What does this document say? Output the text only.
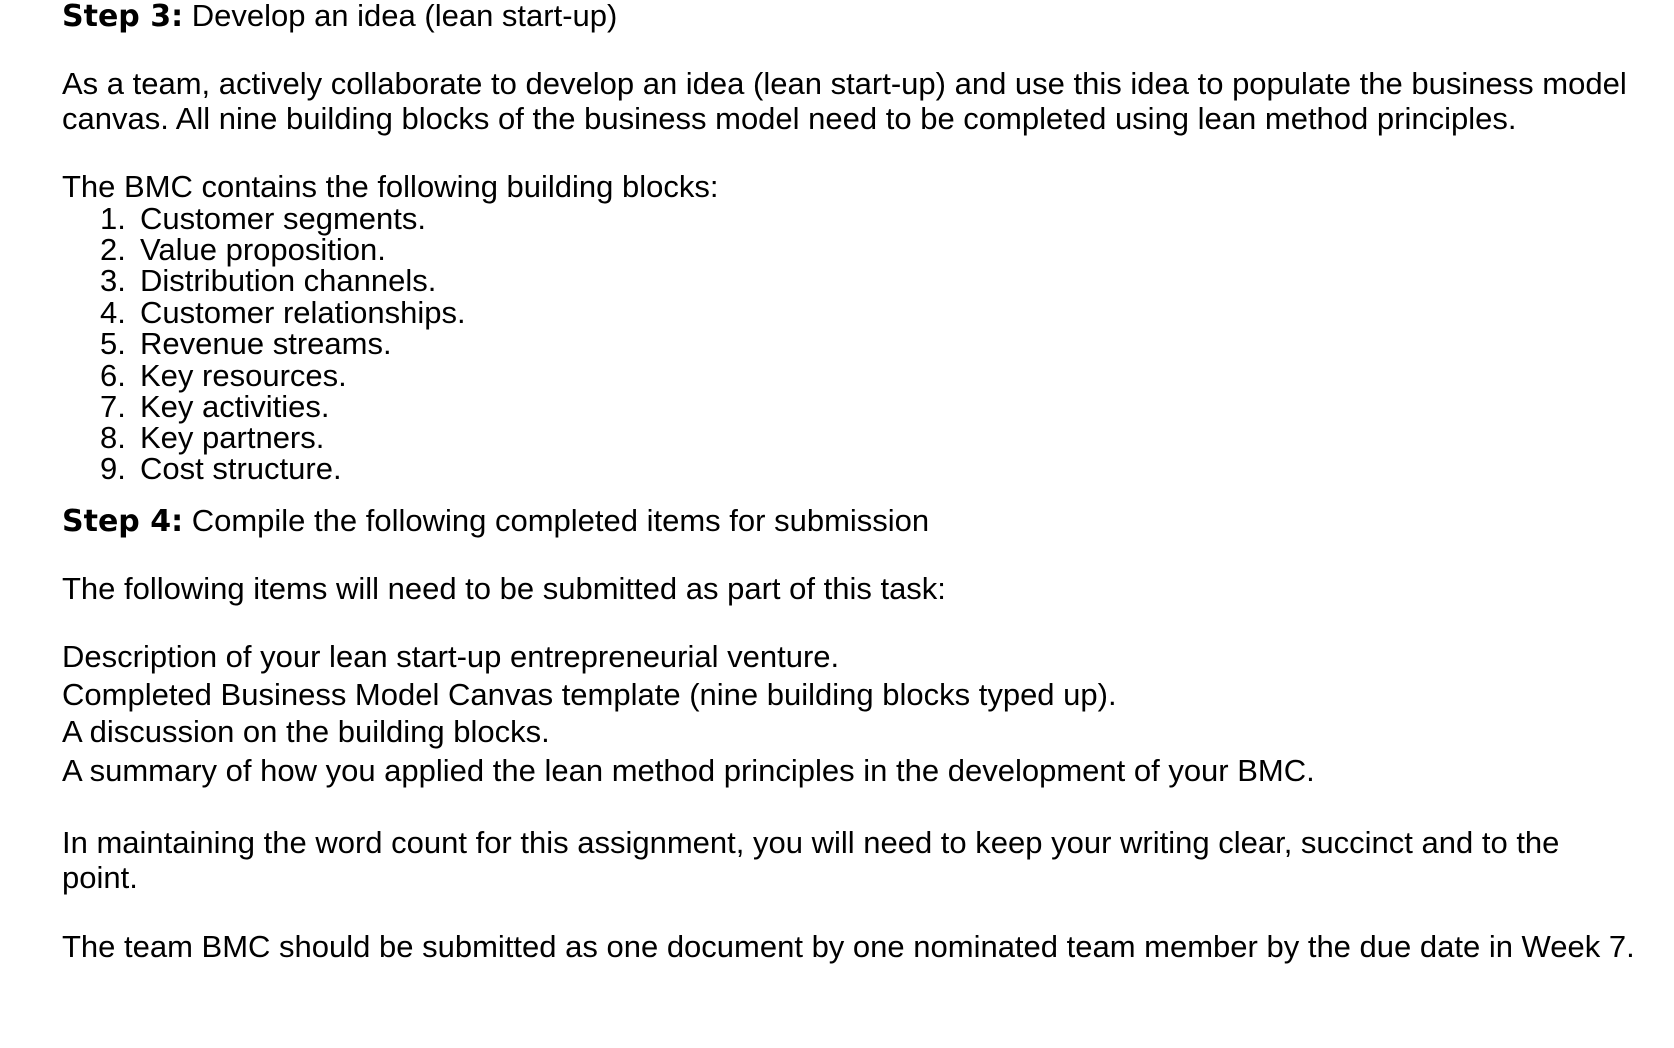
Step 3: Develop an idea (lean start-up)
As a team, actively collaborate to develop an idea (lean start-up) and use this idea to populate the business model
canvas. All nine building blocks of the business model need to be completed using lean method principles.
The BMC contains the following building blocks:
1. Customer segments.
2. Value proposition.
3. Distribution channels.
4. Customer relationships.
5. Revenue streams.
6. Key resources.
7. Key activities.
8. Key partners.
9. Cost structure.
Step 4: Compile the following completed items for submission
The following items will need to be submitted as part of this task:
Description of your lean start-up entrepreneurial venture.
Completed Business Model Canvas template (nine building blocks typed up).
A discussion on the building blocks.
A summary of how you applied the lean method principles in the development of your BMC.
In maintaining the word count for this assignment, you will need to keep your writing clear, succinct and to the
point.
The team BMC should be submitted as one document by one nominated team member by the due date in Week 7.
